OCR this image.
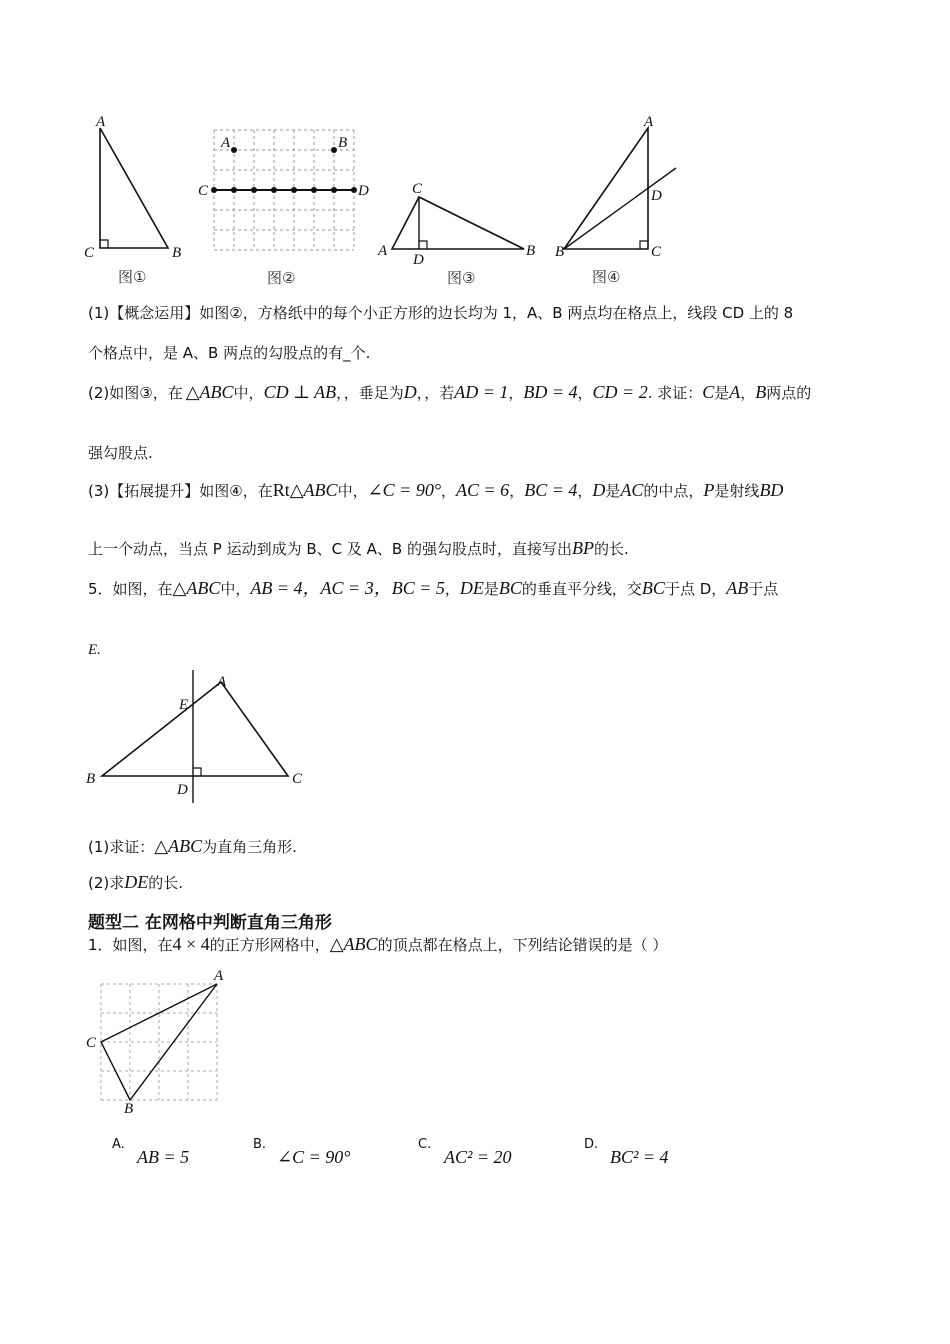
A
C	B
图①
A	B
C	D
图②
C
A
D
B
图③
A
D
B	C
图④
(1)【概念运用】如图②，方格纸中的每个小正方形的边长均为 1，A、B 两点均在格点上，线段 CD 上的 8
个格点中，是 A、B 两点的勾股点的有_个.
(2)如图③，在 △ABC中，CD ⊥ AB，，垂足为D，，若AD = 1，BD = 4，CD = 2. 求证：C是A，B两点的
强勾股点.
(3)【拓展提升】如图④，在Rt△ABC中，∠C = 90°，AC = 6，BC = 4，D是AC的中点，P是射线BD
上一个动点，当点 P 运动到成为 B、C 及 A、B 的强勾股点时，直接写出BP的长.
5．如图，在△ABC中，AB = 4，AC = 3，BC = 5，DE是BC的垂直平分线，交BC于点 D，AB于点
E.
A
E
B	C
D
(1)求证：△ABC为直角三角形.
(2)求DE的长.
题型二 在网格中判断直角三角形
1．如图，在4 × 4的正方形网格中，△ABC的顶点都在格点上，下列结论错误的是（ ）
A
C
B
A.
AB = 5
B.
∠C = 90°
C.
AC² = 20
D.
BC² = 4
